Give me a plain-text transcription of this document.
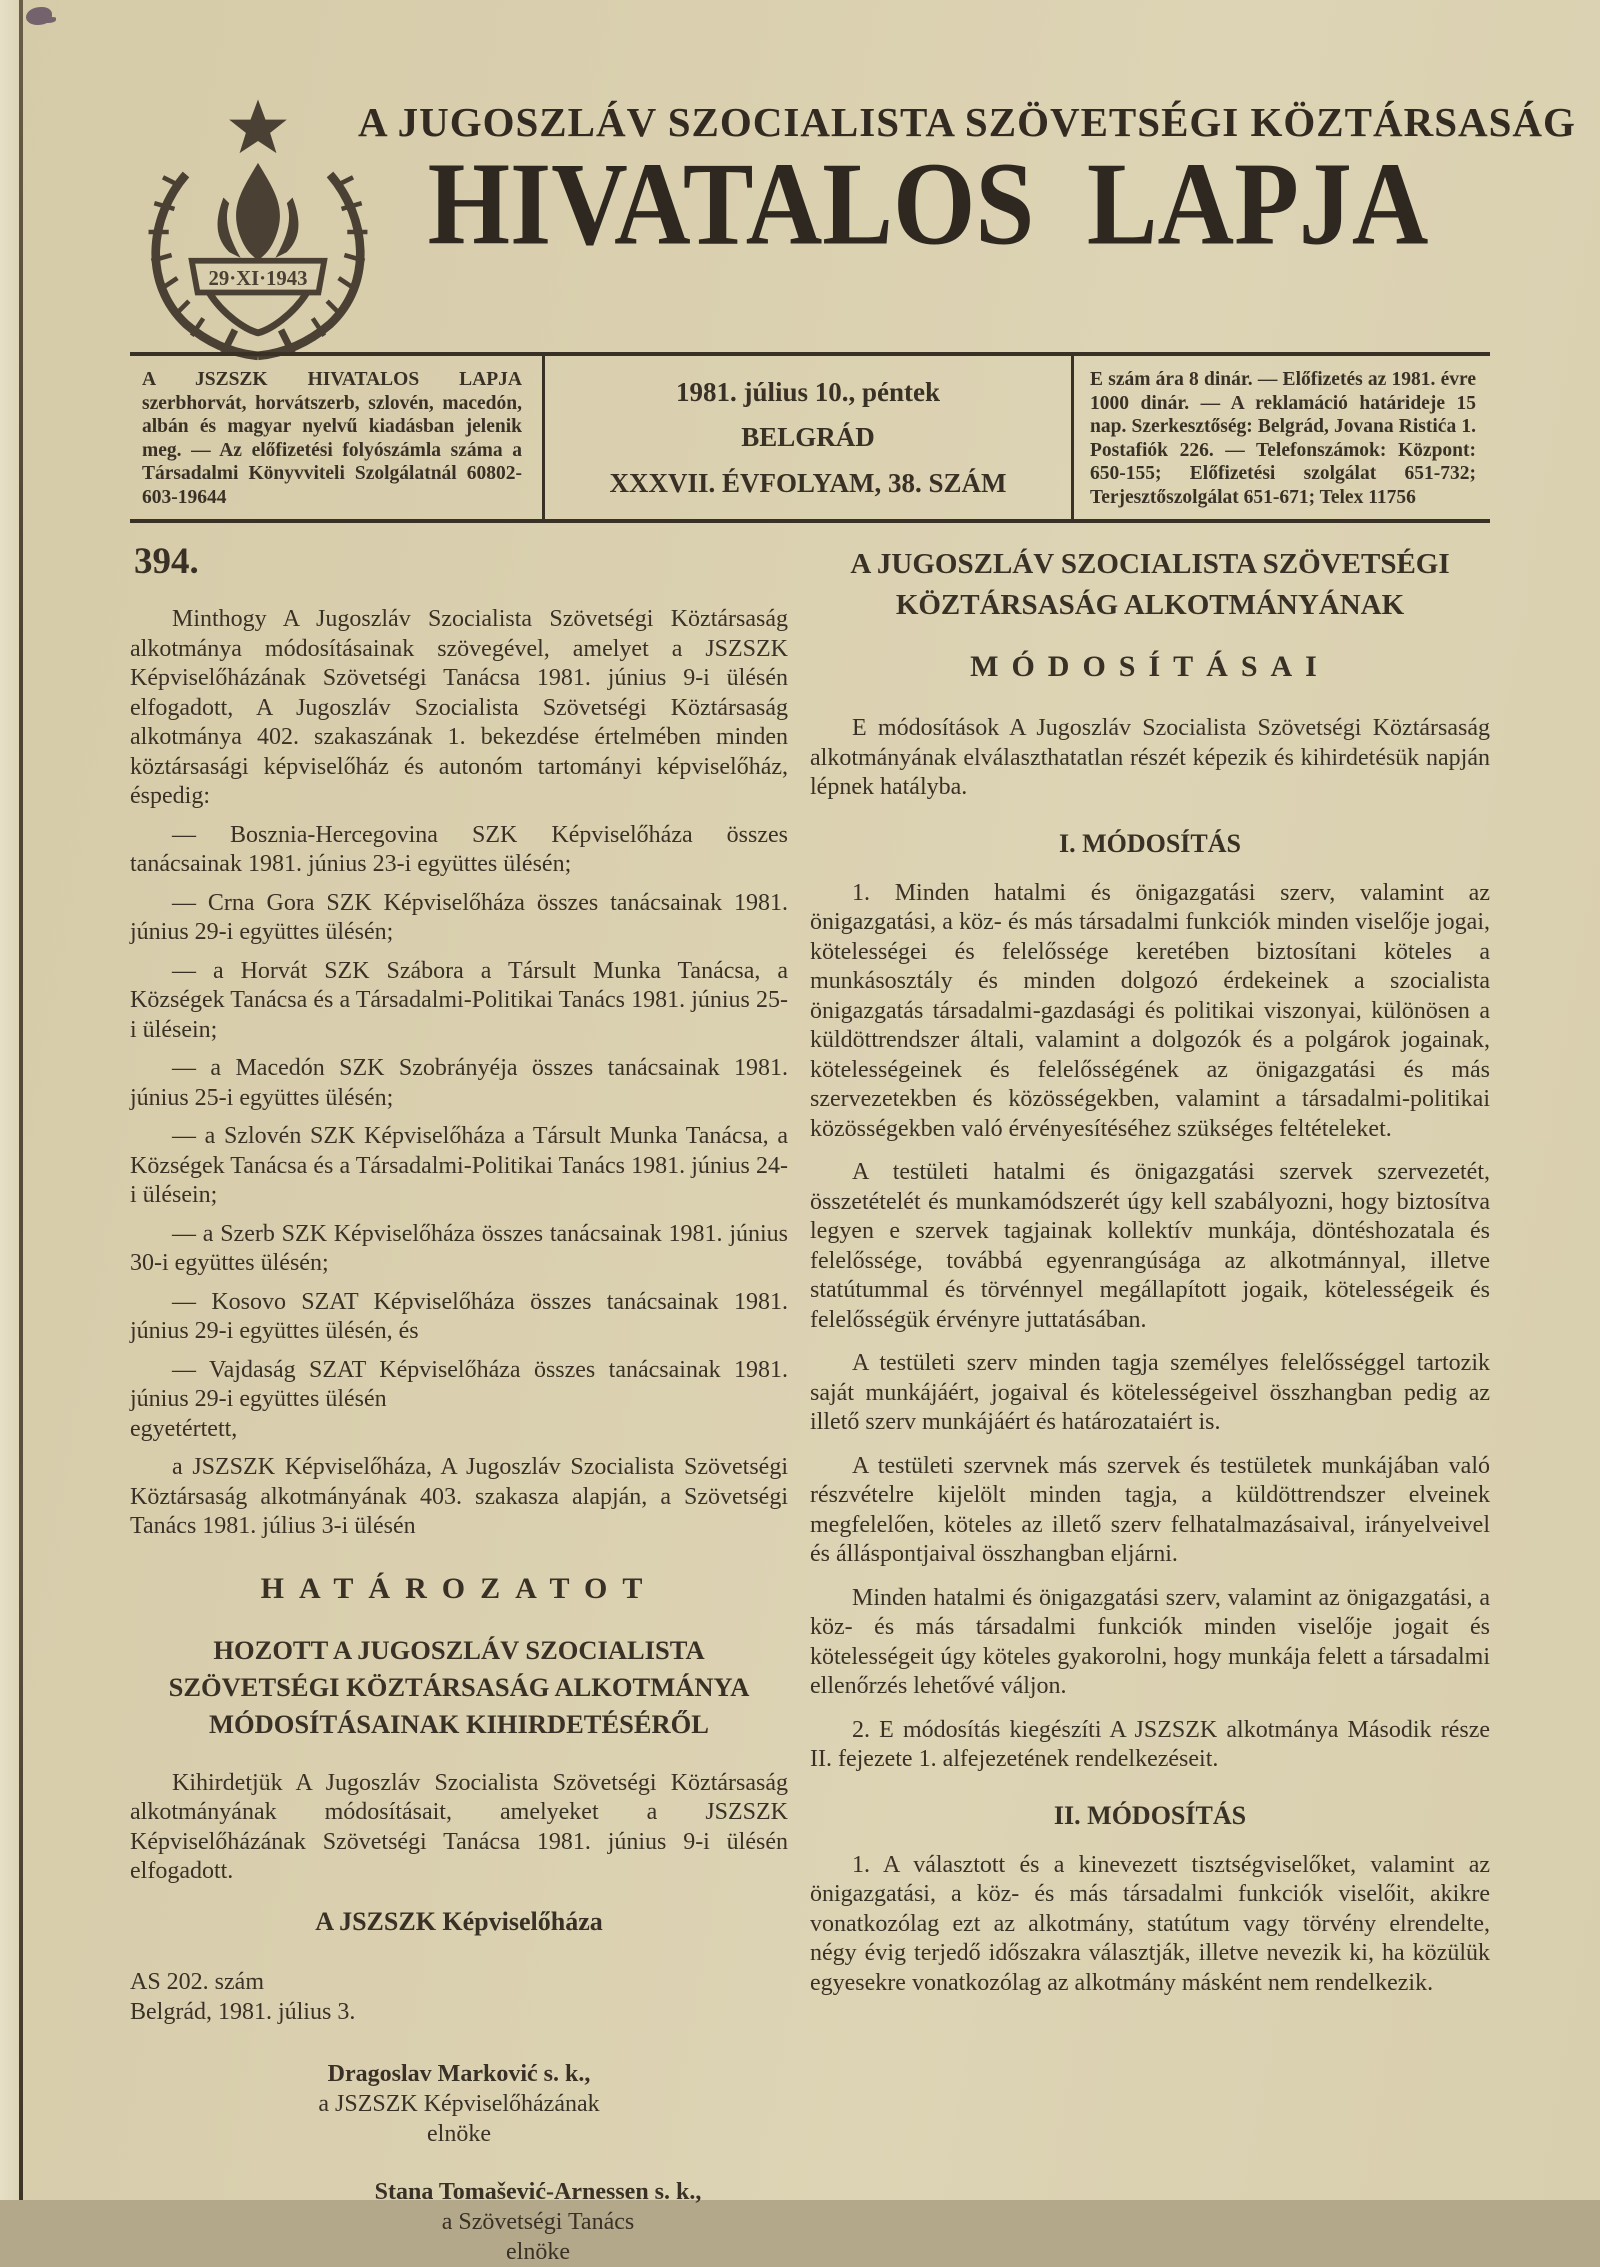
29·XI·1943
A JUGOSZLÁV SZOCIALISTA SZÖVETSÉGI KÖZTÁRSASÁG
HIVATALOS LAPJA
A JSZSZK HIVATALOS LAPJA szerbhorvát, horvátszerb, szlovén, macedón, albán és magyar nyelvű kiadásban jelenik meg. — Az előfizetési folyószámla száma a Társadalmi Könyvviteli Szolgálatnál 60802-603-19644
1981. július 10., péntek
BELGRÁD
XXXVII. ÉVFOLYAM, 38. SZÁM
E szám ára 8 dinár. — Előfizetés az 1981. évre 1000 dinár. — A reklamáció határideje 15 nap. Szerkesztőség: Belgrád, Jovana Ristića 1. Postafiók 226. — Telefonszámok: Központ: 650-155; Előfizetési szolgálat 651-732; Terjesztőszolgálat 651-671; Telex 11756
394.

Minthogy A Jugoszláv Szocialista Szövetségi Köztársaság alkotmánya módosításainak szövegével, amelyet a JSZSZK Képviselőházának Szövetségi Tanácsa 1981. június 9-i ülésén elfogadott, A Jugoszláv Szocialista Szövetségi Köztársaság alkotmánya 402. szakaszának 1. bekezdése értelmében minden köztársasági képviselőház és autonóm tartományi képviselőház, éspedig:

— Bosznia-Hercegovina SZK Képviselőháza összes tanácsainak 1981. június 23-i együttes ülésén;

— Crna Gora SZK Képviselőháza összes tanácsainak 1981. június 29-i együttes ülésén;

— a Horvát SZK Szábora a Társult Munka Tanácsa, a Községek Tanácsa és a Társadalmi-Politikai Tanács 1981. június 25-i ülésein;

— a Macedón SZK Szobrányéja összes tanácsainak 1981. június 25-i együttes ülésén;

— a Szlovén SZK Képviselőháza a Társult Munka Tanácsa, a Községek Tanácsa és a Társadalmi-Politikai Tanács 1981. június 24-i ülésein;

— a Szerb SZK Képviselőháza összes tanácsainak 1981. június 30-i együttes ülésén;

— Kosovo SZAT Képviselőháza összes tanácsainak 1981. június 29-i együttes ülésén, és

— Vajdaság SZAT Képviselőháza összes tanácsainak 1981. június 29-i együttes ülésén

egyetértett,

a JSZSZK Képviselőháza, A Jugoszláv Szocialista Szövetségi Köztársaság alkotmányának 403. szakasza alapján, a Szövetségi Tanács 1981. július 3-i ülésén

HATÁROZATOT
HOZOTT A JUGOSZLÁV SZOCIALISTA SZÖVETSÉGI KÖZTÁRSASÁG ALKOTMÁNYA MÓDOSÍTÁSAINAK KIHIRDETÉSÉRŐL

Kihirdetjük A Jugoszláv Szocialista Szövetségi Köztársaság alkotmányának módosításait, amelyeket a JSZSZK Képviselőházának Szövetségi Tanácsa 1981. június 9-i ülésén elfogadott.

A JSZSZK Képviselőháza

AS 202. szám

Belgrád, 1981. július 3.

Dragoslav Marković s. k.,
a JSZSZK Képviselőházának
elnöke
Stana Tomašević-Arnessen s. k.,
a Szövetségi Tanács
elnöke
A JUGOSZLÁV SZOCIALISTA SZÖVETSÉGI KÖZTÁRSASÁG ALKOTMÁNYÁNAK
MÓDOSÍTÁSAI

E módosítások A Jugoszláv Szocialista Szövetségi Köztársaság alkotmányának elválaszthatatlan részét képezik és kihirdetésük napján lépnek hatályba.

I. MÓDOSÍTÁS

1. Minden hatalmi és önigazgatási szerv, valamint az önigazgatási, a köz- és más társadalmi funkciók minden viselője jogai, kötelességei és felelőssége keretében biztosítani köteles a munkásosztály és minden dolgozó érdekeinek a szocialista önigazgatás társadalmi-gazdasági és politikai viszonyai, különösen a küldöttrendszer általi, valamint a dolgozók és a polgárok jogainak, kötelességeinek és felelősségének az önigazgatási és más szervezetekben és közösségekben, valamint a társadalmi-politikai közösségekben való érvényesítéséhez szükséges feltételeket.

A testületi hatalmi és önigazgatási szervek szervezetét, összetételét és munkamódszerét úgy kell szabályozni, hogy biztosítva legyen e szervek tagjainak kollektív munkája, döntéshozatala és felelőssége, továbbá egyenrangúsága az alkotmánnyal, illetve statútummal és törvénnyel megállapított jogaik, kötelességeik és felelősségük érvényre juttatásában.

A testületi szerv minden tagja személyes felelősséggel tartozik saját munkájáért, jogaival és kötelességeivel összhangban pedig az illető szerv munkájáért és határozataiért is.

A testületi szervnek más szervek és testületek munkájában való részvételre kijelölt minden tagja, a küldöttrendszer elveinek megfelelően, köteles az illető szerv felhatalmazásaival, irányelveivel és álláspontjaival összhangban eljárni.

Minden hatalmi és önigazgatási szerv, valamint az önigazgatási, a köz- és más társadalmi funkciók minden viselője jogait és kötelességeit úgy köteles gyakorolni, hogy munkája felett a társadalmi ellenőrzés lehetővé váljon.

2. E módosítás kiegészíti A JSZSZK alkotmánya Második része II. fejezete 1. alfejezetének rendelkezéseit.

II. MÓDOSÍTÁS

1. A választott és a kinevezett tisztségviselőket, valamint az önigazgatási, a köz- és más társadalmi funkciók viselőit, akikre vonatkozólag ezt az alkotmány, statútum vagy törvény elrendelte, négy évig terjedő időszakra választják, illetve nevezik ki, ha közülük egyesekre vonatkozólag az alkotmány másként nem rendelkezik.
